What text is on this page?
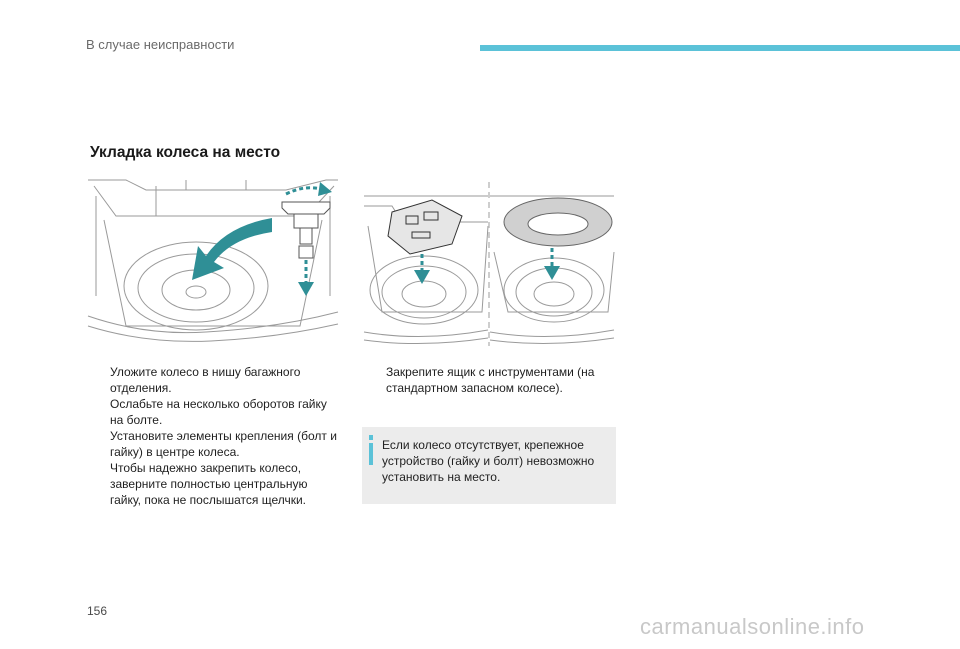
В случае неисправности
Укладка колеса на место
Уложите колесо в нишу багажного отделения.
Ослабьте на несколько оборотов гайку на болте.
Установите элементы крепления (болт и гайку) в центре колеса.
Чтобы надежно закрепить колесо, заверните полностью центральную гайку, пока не послышатся щелчки.
Закрепите ящик с инструментами (на стандартном запасном колесе).
Если колесо отсутствует, крепежное устройство (гайку и болт) невозможно установить на место.
156
carmanualsonline.info
